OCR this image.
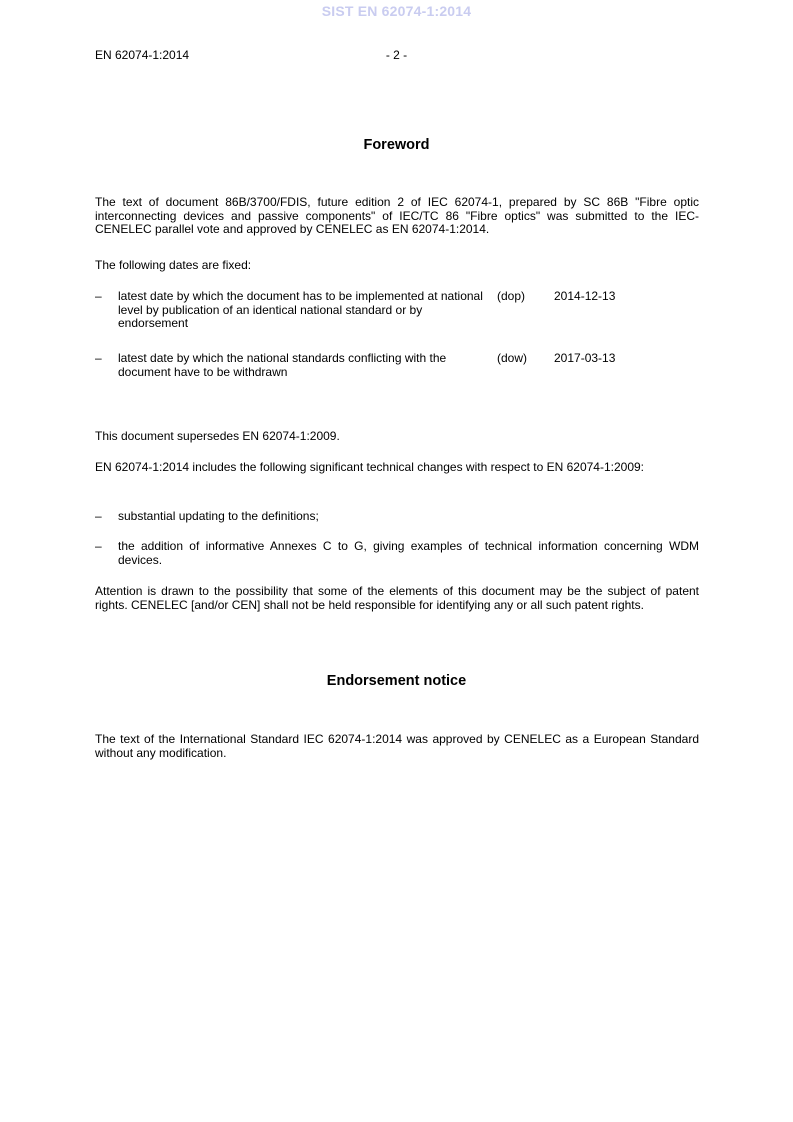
SIST EN 62074-1:2014
EN 62074-1:2014	- 2 -
Foreword

The text of document 86B/3700/FDIS, future edition 2 of IEC 62074-1, prepared by SC 86B "Fibre optic interconnecting devices and passive components" of IEC/TC 86 "Fibre optics" was submitted to the IEC-CENELEC parallel vote and approved by CENELEC as EN 62074-1:2014.

The following dates are fixed:

– latest date by which the document has to be implemented at national level by publication of an identical national standard or by endorsement
(dop) 2014-12-13
– latest date by which the national standards conflicting with the document have to be withdrawn
(dow) 2017-03-13

This document supersedes EN 62074-1:2009.

EN 62074-1:2014 includes the following significant technical changes with respect to EN 62074-1:2009:

– substantial updating to the definitions;
– the addition of informative Annexes C to G, giving examples of technical information concerning WDM devices.

Attention is drawn to the possibility that some of the elements of this document may be the subject of patent rights. CENELEC [and/or CEN] shall not be held responsible for identifying any or all such patent rights.

Endorsement notice

The text of the International Standard IEC 62074-1:2014 was approved by CENELEC as a European Standard without any modification.
